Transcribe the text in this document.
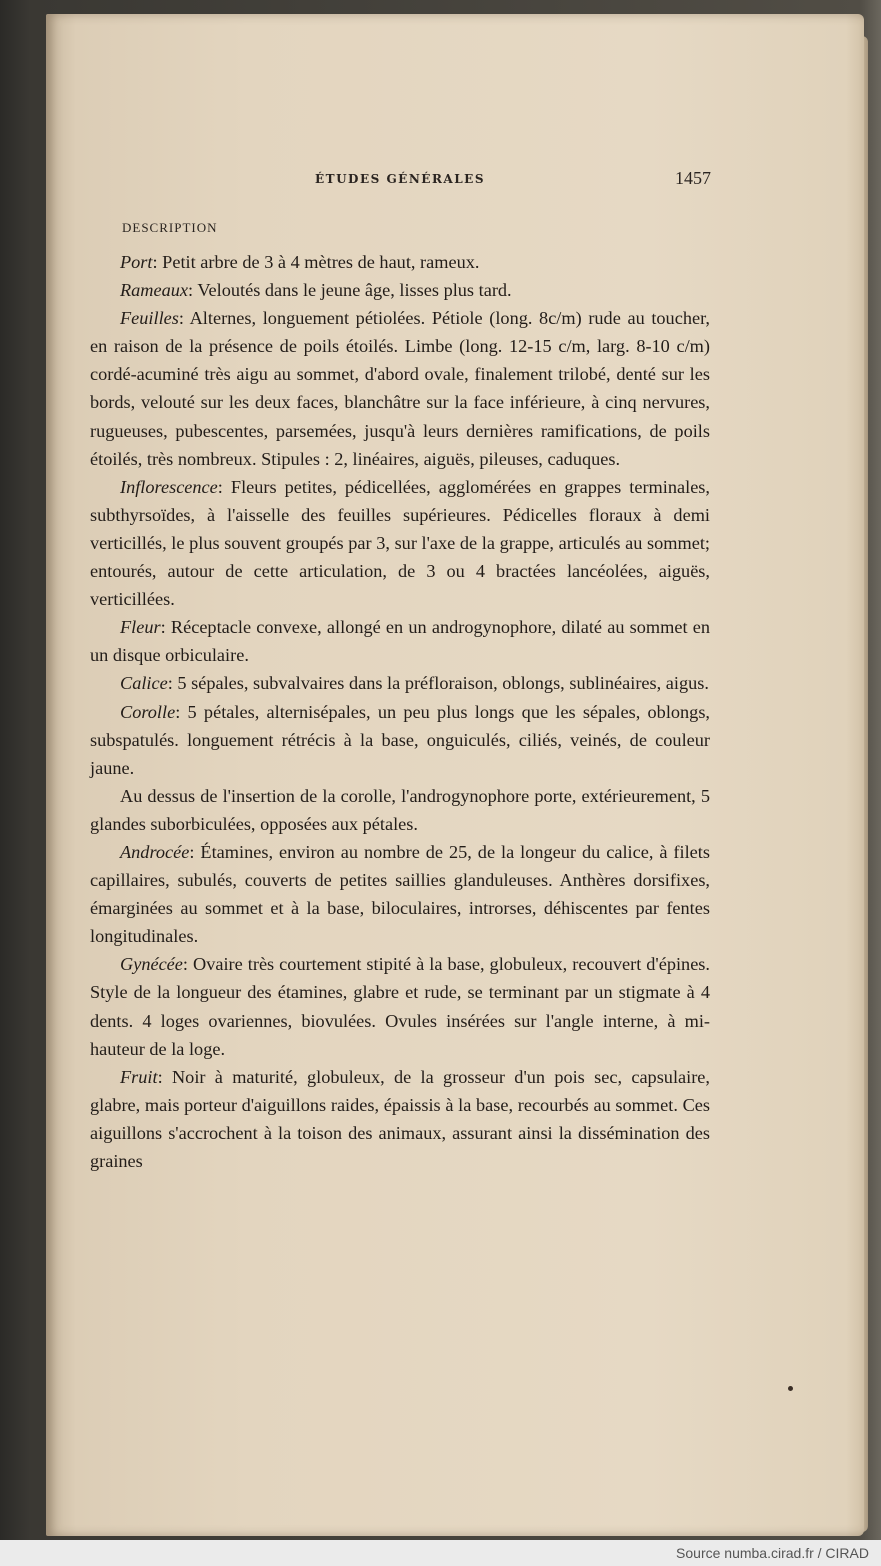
ÉTUDES GÉNÉRALES	1457
DESCRIPTION

Port: Petit arbre de 3 à 4 mètres de haut, rameux.

Rameaux: Veloutés dans le jeune âge, lisses plus tard.

Feuilles: Alternes, longuement pétiolées. Pétiole (long. 8c/m) rude au toucher, en raison de la présence de poils étoilés. Limbe (long. 12-15 c/m, larg. 8-10 c/m) cordé-acuminé très aigu au sommet, d'abord ovale, finalement trilobé, denté sur les bords, velouté sur les deux faces, blanchâtre sur la face inférieure, à cinq nervures, rugueuses, pubescentes, parsemées, jusqu'à leurs dernières ramifications, de poils étoilés, très nombreux. Stipules : 2, linéaires, aiguës, pileuses, caduques.

Inflorescence: Fleurs petites, pédicellées, agglomérées en grappes terminales, subthyrsoïdes, à l'aisselle des feuilles supérieures. Pédicelles floraux à demi verticillés, le plus souvent groupés par 3, sur l'axe de la grappe, articulés au sommet; entourés, autour de cette articulation, de 3 ou 4 bractées lancéolées, aiguës, verticillées.

Fleur: Réceptacle convexe, allongé en un androgynophore, dilaté au sommet en un disque orbiculaire.

Calice: 5 sépales, subvalvaires dans la préfloraison, oblongs, sublinéaires, aigus.

Corolle: 5 pétales, alternisépales, un peu plus longs que les sépales, oblongs, subspatulés. longuement rétrécis à la base, onguiculés, ciliés, veinés, de couleur jaune.

Au dessus de l'insertion de la corolle, l'androgynophore porte, extérieurement, 5 glandes suborbiculées, opposées aux pétales.

Androcée: Étamines, environ au nombre de 25, de la longeur du calice, à filets capillaires, subulés, couverts de petites saillies glanduleuses. Anthères dorsifixes, émarginées au sommet et à la base, biloculaires, introrses, déhiscentes par fentes longitudinales.

Gynécée: Ovaire très courtement stipité à la base, globuleux, recouvert d'épines. Style de la longueur des étamines, glabre et rude, se terminant par un stigmate à 4 dents. 4 loges ovariennes, biovulées. Ovules insérées sur l'angle interne, à mi-hauteur de la loge.

Fruit: Noir à maturité, globuleux, de la grosseur d'un pois sec, capsulaire, glabre, mais porteur d'aiguillons raides, épaissis à la base, recourbés au sommet. Ces aiguillons s'accrochent à la toison des animaux, assurant ainsi la dissémination des graines

Source numba.cirad.fr / CIRAD
